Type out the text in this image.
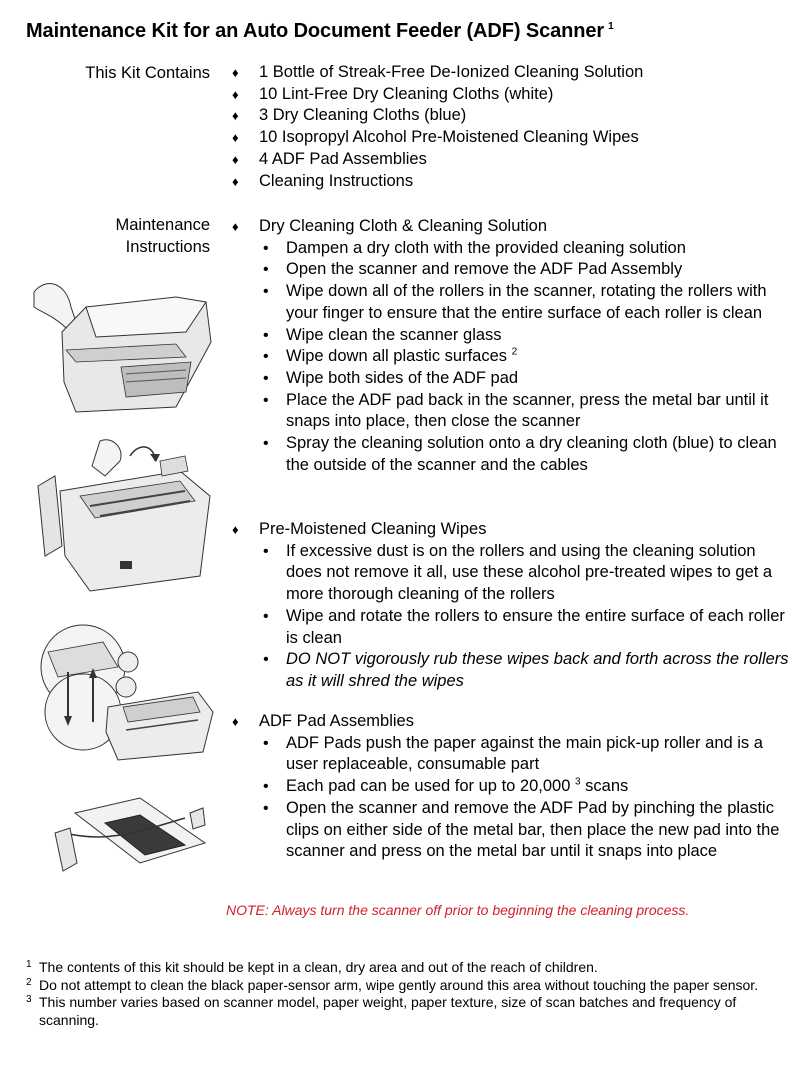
Maintenance Kit for an Auto Document Feeder (ADF) Scanner $^1$
This Kit Contains
♦	1 Bottle of Streak-Free De-Ionized Cleaning Solution
♦ 10 Lint-Free Dry Cleaning Cloths (white)
♦ 3 Dry Cleaning Cloths (blue)
♦ 10 Isopropyl Alcohol Pre-Moistened Cleaning Wipes
♦ 4 ADF Pad Assemblies
♦ Cleaning Instructions
Maintenance
Instructions
♦ Dry Cleaning Cloth & Cleaning Solution
• Dampen a dry cloth with the provided cleaning solution
• Open the scanner and remove the ADF Pad Assembly
• Wipe down all of the rollers in the scanner, rotating the rollers with your finger to ensure that the entire surface of each roller is clean
• Wipe clean the scanner glass
• Wipe down all plastic surfaces $^2$
• Wipe both sides of the ADF pad
• Place the ADF pad back in the scanner, press the metal bar until it snaps into place, then close the scanner
• Spray the cleaning solution onto a dry cleaning cloth (blue) to clean the outside of the scanner and the cables
♦ Pre-Moistened Cleaning Wipes
• If excessive dust is on the rollers and using the cleaning solution does not remove it all, use these alcohol pre-treated wipes to get a more thorough cleaning of the rollers
• Wipe and rotate the rollers to ensure the entire surface of each roller is clean
• DO NOT vigorously rub these wipes back and forth across the rollers as it will shred the wipes
♦ ADF Pad Assemblies
• ADF Pads push the paper against the main pick-up roller and is a user replaceable, consumable part
• Each pad can be used for up to 20,000 $^3$ scans
• Open the scanner and remove the ADF Pad by pinching the plastic clips on either side of the metal bar, then place the new pad into the scanner and press on the metal bar until it snaps into place
NOTE: Always turn the scanner off prior to beginning the cleaning process.
1 The contents of this kit should be kept in a clean, dry area and out of the reach of children.
2 Do not attempt to clean the black paper-sensor arm, wipe gently around this area without touching the paper sensor.
3 This number varies based on scanner model, paper weight, paper texture, size of scan batches and frequency of scanning.
